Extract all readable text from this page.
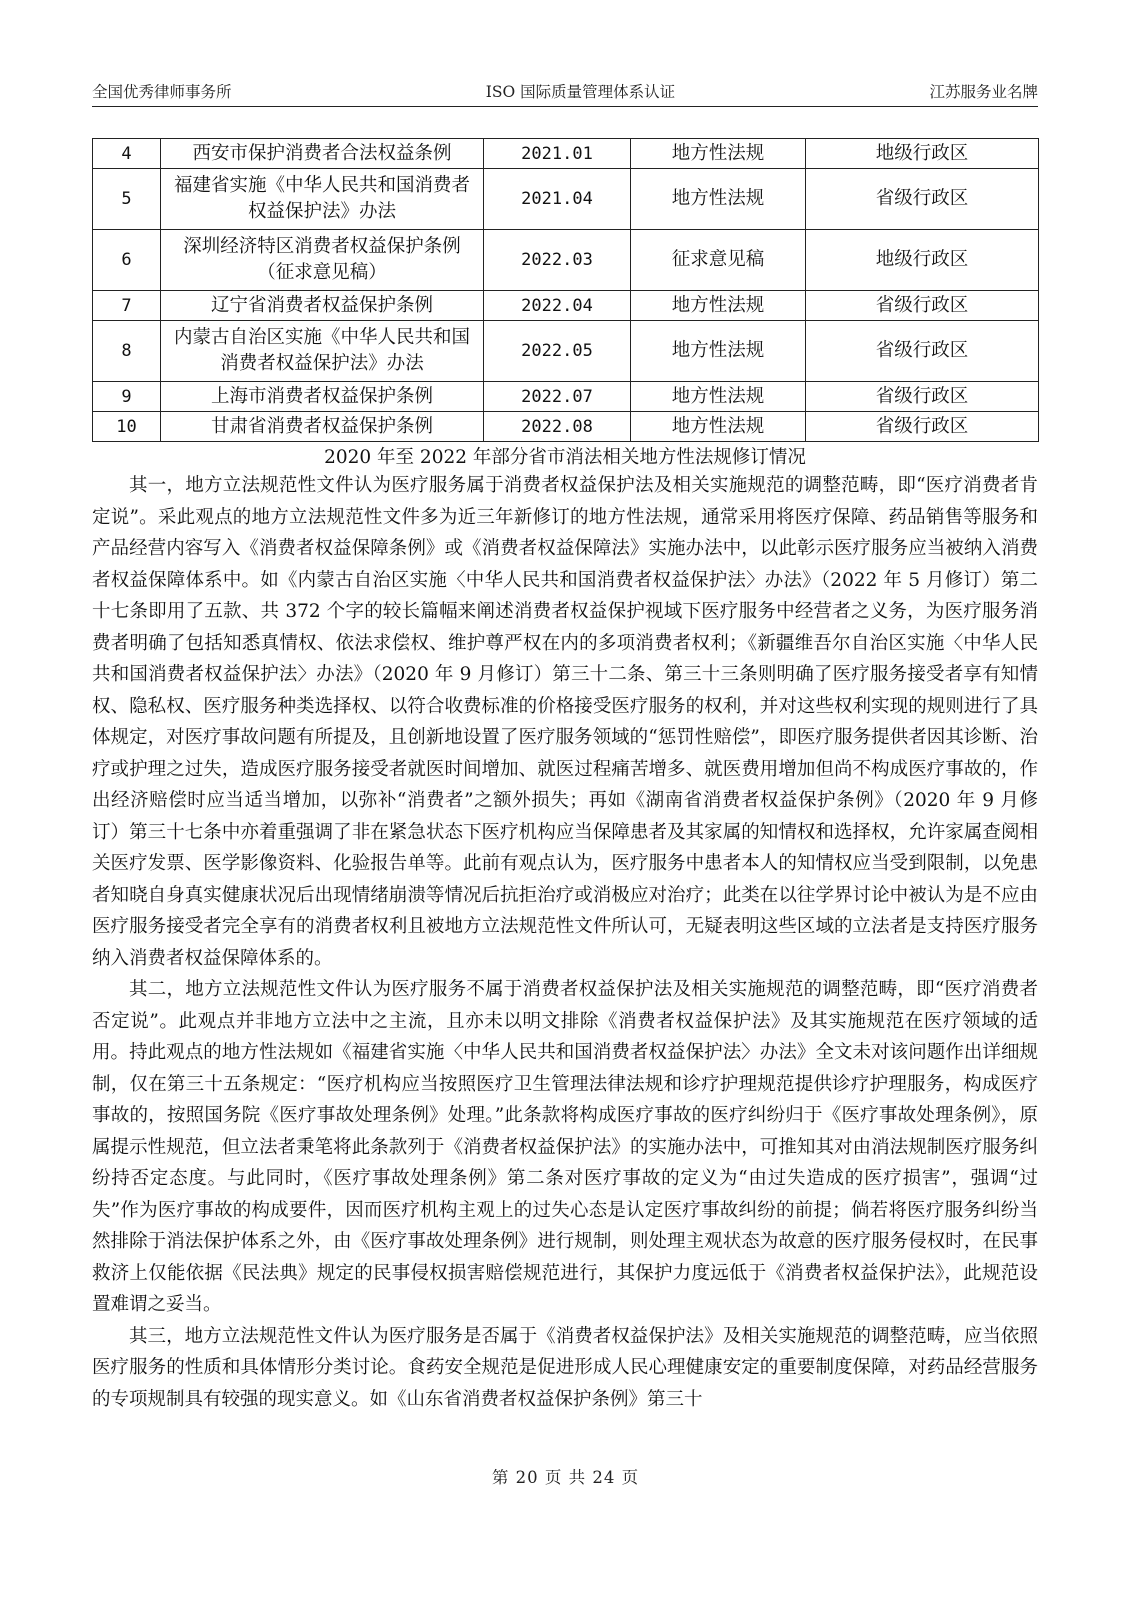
全国优秀律师事务所	ISO 国际质量管理体系认证	江苏服务业名牌
4	西安市保护消费者合法权益条例	2021.01	地方性法规	地级行政区
5	福建省实施《中华人民共和国消费者权益保护法》办法	2021.04	地方性法规	省级行政区
6	深圳经济特区消费者权益保护条例（征求意见稿）	2022.03	征求意见稿	地级行政区
7	辽宁省消费者权益保护条例	2022.04	地方性法规	省级行政区
8	内蒙古自治区实施《中华人民共和国消费者权益保护法》办法	2022.05	地方性法规	省级行政区
9	上海市消费者权益保护条例	2022.07	地方性法规	省级行政区
10	甘肃省消费者权益保护条例	2022.08	地方性法规	省级行政区
2020 年至 2022 年部分省市消法相关地方性法规修订情况

其一，地方立法规范性文件认为医疗服务属于消费者权益保护法及相关实施规范的调整范畴，即“医疗消费者肯定说”。采此观点的地方立法规范性文件多为近三年新修订的地方性法规，通常采用将医疗保障、药品销售等服务和产品经营内容写入《消费者权益保障条例》或《消费者权益保障法》实施办法中，以此彰示医疗服务应当被纳入消费者权益保障体系中。如《内蒙古自治区实施〈中华人民共和国消费者权益保护法〉办法》（2022 年 5 月修订）第二十七条即用了五款、共 372 个字的较长篇幅来阐述消费者权益保护视域下医疗服务中经营者之义务，为医疗服务消费者明确了包括知悉真情权、依法求偿权、维护尊严权在内的多项消费者权利；《新疆维吾尔自治区实施〈中华人民共和国消费者权益保护法〉办法》（2020 年 9 月修订）第三十二条、第三十三条则明确了医疗服务接受者享有知情权、隐私权、医疗服务种类选择权、以符合收费标准的价格接受医疗服务的权利，并对这些权利实现的规则进行了具体规定，对医疗事故问题有所提及，且创新地设置了医疗服务领域的“惩罚性赔偿”，即医疗服务提供者因其诊断、治疗或护理之过失，造成医疗服务接受者就医时间增加、就医过程痛苦增多、就医费用增加但尚不构成医疗事故的，作出经济赔偿时应当适当增加，以弥补“消费者”之额外损失；再如《湖南省消费者权益保护条例》（2020 年 9 月修订）第三十七条中亦着重强调了非在紧急状态下医疗机构应当保障患者及其家属的知情权和选择权，允许家属查阅相关医疗发票、医学影像资料、化验报告单等。此前有观点认为，医疗服务中患者本人的知情权应当受到限制，以免患者知晓自身真实健康状况后出现情绪崩溃等情况后抗拒治疗或消极应对治疗；此类在以往学界讨论中被认为是不应由医疗服务接受者完全享有的消费者权利且被地方立法规范性文件所认可，无疑表明这些区域的立法者是支持医疗服务纳入消费者权益保障体系的。

其二，地方立法规范性文件认为医疗服务不属于消费者权益保护法及相关实施规范的调整范畴，即“医疗消费者否定说”。此观点并非地方立法中之主流，且亦未以明文排除《消费者权益保护法》及其实施规范在医疗领域的适用。持此观点的地方性法规如《福建省实施〈中华人民共和国消费者权益保护法〉办法》全文未对该问题作出详细规制，仅在第三十五条规定：“医疗机构应当按照医疗卫生管理法律法规和诊疗护理规范提供诊疗护理服务，构成医疗事故的，按照国务院《医疗事故处理条例》处理。”此条款将构成医疗事故的医疗纠纷归于《医疗事故处理条例》，原属提示性规范，但立法者秉笔将此条款列于《消费者权益保护法》的实施办法中，可推知其对由消法规制医疗服务纠纷持否定态度。与此同时，《医疗事故处理条例》第二条对医疗事故的定义为“由过失造成的医疗损害”，强调“过失”作为医疗事故的构成要件，因而医疗机构主观上的过失心态是认定医疗事故纠纷的前提；倘若将医疗服务纠纷当然排除于消法保护体系之外，由《医疗事故处理条例》进行规制，则处理主观状态为故意的医疗服务侵权时，在民事救济上仅能依据《民法典》规定的民事侵权损害赔偿规范进行，其保护力度远低于《消费者权益保护法》，此规范设置难谓之妥当。

其三，地方立法规范性文件认为医疗服务是否属于《消费者权益保护法》及相关实施规范的调整范畴，应当依照医疗服务的性质和具体情形分类讨论。食药安全规范是促进形成人民心理健康安定的重要制度保障，对药品经营服务的专项规制具有较强的现实意义。如《山东省消费者权益保护条例》第三十

第 20 页 共 24 页
